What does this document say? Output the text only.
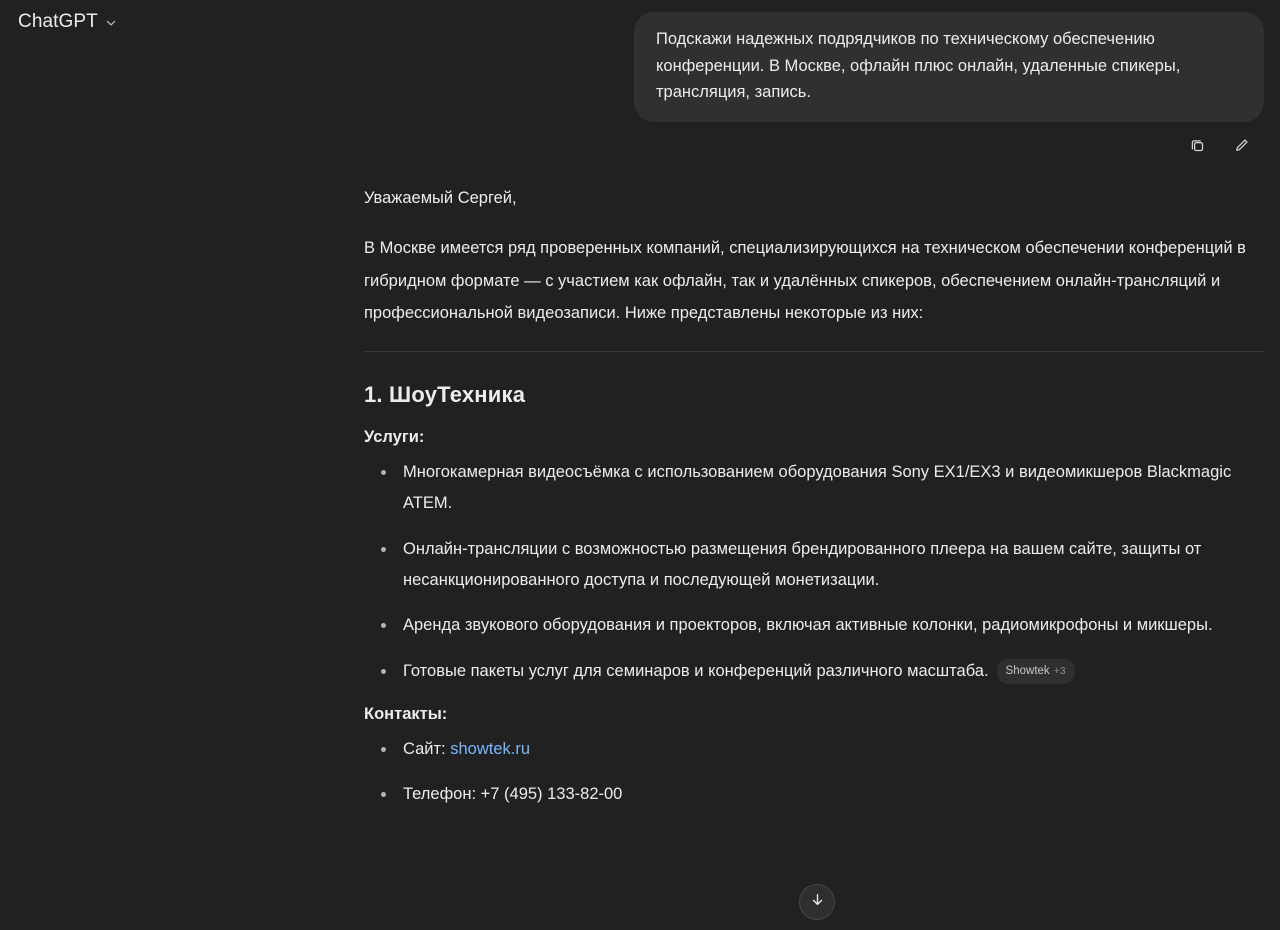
ChatGPT
Подскажи надежных подрядчиков по техническому обеспечению конференции. В Москве, офлайн плюс онлайн, удаленные спикеры, трансляция, запись.

Уважаемый Сергей,

В Москве имеется ряд проверенных компаний, специализирующихся на техническом обеспечении конференций в гибридном формате — с участием как офлайн, так и удалённых спикеров, обеспечением онлайн-трансляций и профессиональной видеозаписи. Ниже представлены некоторые из них:

1. ШоуТехника
Услуги:
Многокамерная видеосъёмка с использованием оборудования Sony EX1/EX3 и видеомикшеров Blackmagic ATEM.
Онлайн-трансляции с возможностью размещения брендированного плеера на вашем сайте, защиты от несанкционированного доступа и последующей монетизации.
Аренда звукового оборудования и проекторов, включая активные колонки, радиомикрофоны и микшеры.
Готовые пакеты услуг для семинаров и конференций различного масштаба. Showtek +3
Контакты:
Сайт: showtek.ru
Телефон: +7 (495) 133-82-00
